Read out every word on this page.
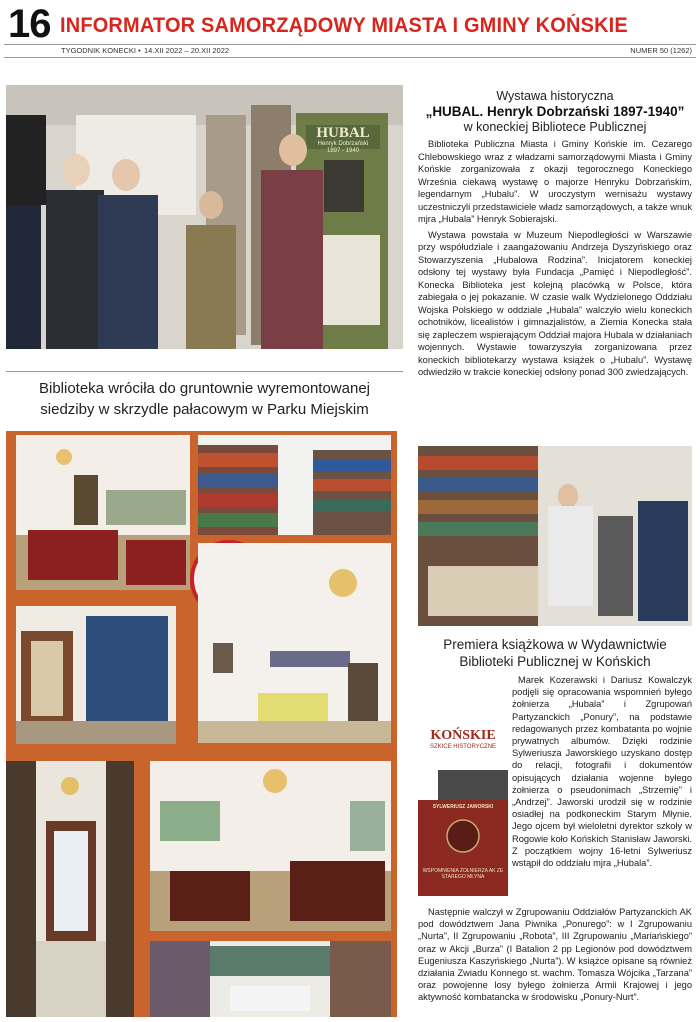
16 INFORMATOR SAMORZĄDOWY MIASTA I GMINY KOŃSKIE
TYGODNIK KONECKI • 14.XII 2022 – 20.XII 2022	NUMER 50 (1262)
HUBAL
Henryk Dobrzański
1897 - 1940
Biblioteka wróciła do gruntownie wyremontowanej
siedziby w skrzydle pałacowym w Parku Miejskim
Wystawa historyczna
„HUBAL. Henryk Dobrzański 1897-1940”
w koneckiej Bibliotece Publicznej

Biblioteka Publiczna Miasta i Gminy Końskie im. Cezarego Chlebowskiego wraz z władzami samorządowymi Miasta i Gminy Końskie zorganizowała z okazji tegorocznego Koneckiego Września ciekawą wystawę o majorze Henryku Dobrzańskim, legendarnym „Hubalu”. W uroczystym wernisażu wystawy uczestniczyli przedstawiciele władz samorządowych, a także wnuk mjra „Hubala” Henryk Sobierajski.

Wystawa powstała w Muzeum Niepodległości w Warszawie przy współudziale i zaangażowaniu Andrzeja Dyszyńskiego oraz Stowarzyszenia „Hubalowa Rodzina”. Inicjatorem koneckiej odsłony tej wystawy była Fundacja „Pamięć i Niepodległość”. Konecka Biblioteka jest kolejną placówką w Polsce, która zabiegała o jej pokazanie. W czasie walk Wydzielonego Oddziału Wojska Polskiego w oddziale „Hubala” walczyło wielu koneckich ochotników, licealistów i gimnazjalistów, a Ziemia Konecka stała się zapleczem wspierającym Oddział majora Hubala w działaniach wojennych. Wystawie towarzyszyła zorganizowana przez koneckich bibliotekarzy wystawa książek o „Hubalu”. Wystawę odwiedziło w trakcie koneckiej odsłony ponad 300 zwiedzających.

Premiera książkowa w Wydawnictwie
Biblioteki Publicznej w Końskich
KOŃSKIE
SZKICE HISTORYCZNE
SYLWERIUSZ JAWORSKI
WSPOMNIENIA ŻOŁNIERZA AK ZE STAREGO MŁYNA

Marek Kozerawski i Dariusz Kowalczyk podjęli się opracowania wspomnień byłego żołnierza „Hubala” i Zgrupowań Partyzanckich „Ponury”, na podstawie redagowanych przez kombatanta po wojnie prywatnych albumów. Dzięki rodzinie Sylweriusza Jaworskiego uzyskano dostęp do relacji, fotografii i dokumentów opisujących działania wojenne byłego żołnierza o pseudonimach „Strzemię” i „Andrzej”. Jaworski urodził się w rodzinie osiadłej na podkoneckim Starym Młynie. Jego ojcem był wieloletni dyrektor szkoły w Rogowie koło Końskich Stanisław Jaworski. Z początkiem wojny 16-letni Sylweriusz wstąpił do oddziału mjra „Hubala”.

Następnie walczył w Zgrupowaniu Oddziałów Partyzanckich AK pod dowództwem Jana Piwnika „Ponurego”: w I Zgrupowaniu „Nurta”, II Zgrupowaniu „Robota”, III Zgrupowaniu „Mariańskiego” oraz w Akcji „Burza” (I Batalion 2 pp Legionów pod dowództwem Eugeniusza Kaszyńskiego „Nurta”). W książce opisane są również działania Zwiadu Konnego st. wachm. Tomasza Wójcika „Tarzana” oraz powojenne losy byłego żołnierza Armii Krajowej i jego aktywność kombatancka w środowisku „Ponury-Nurt”.
